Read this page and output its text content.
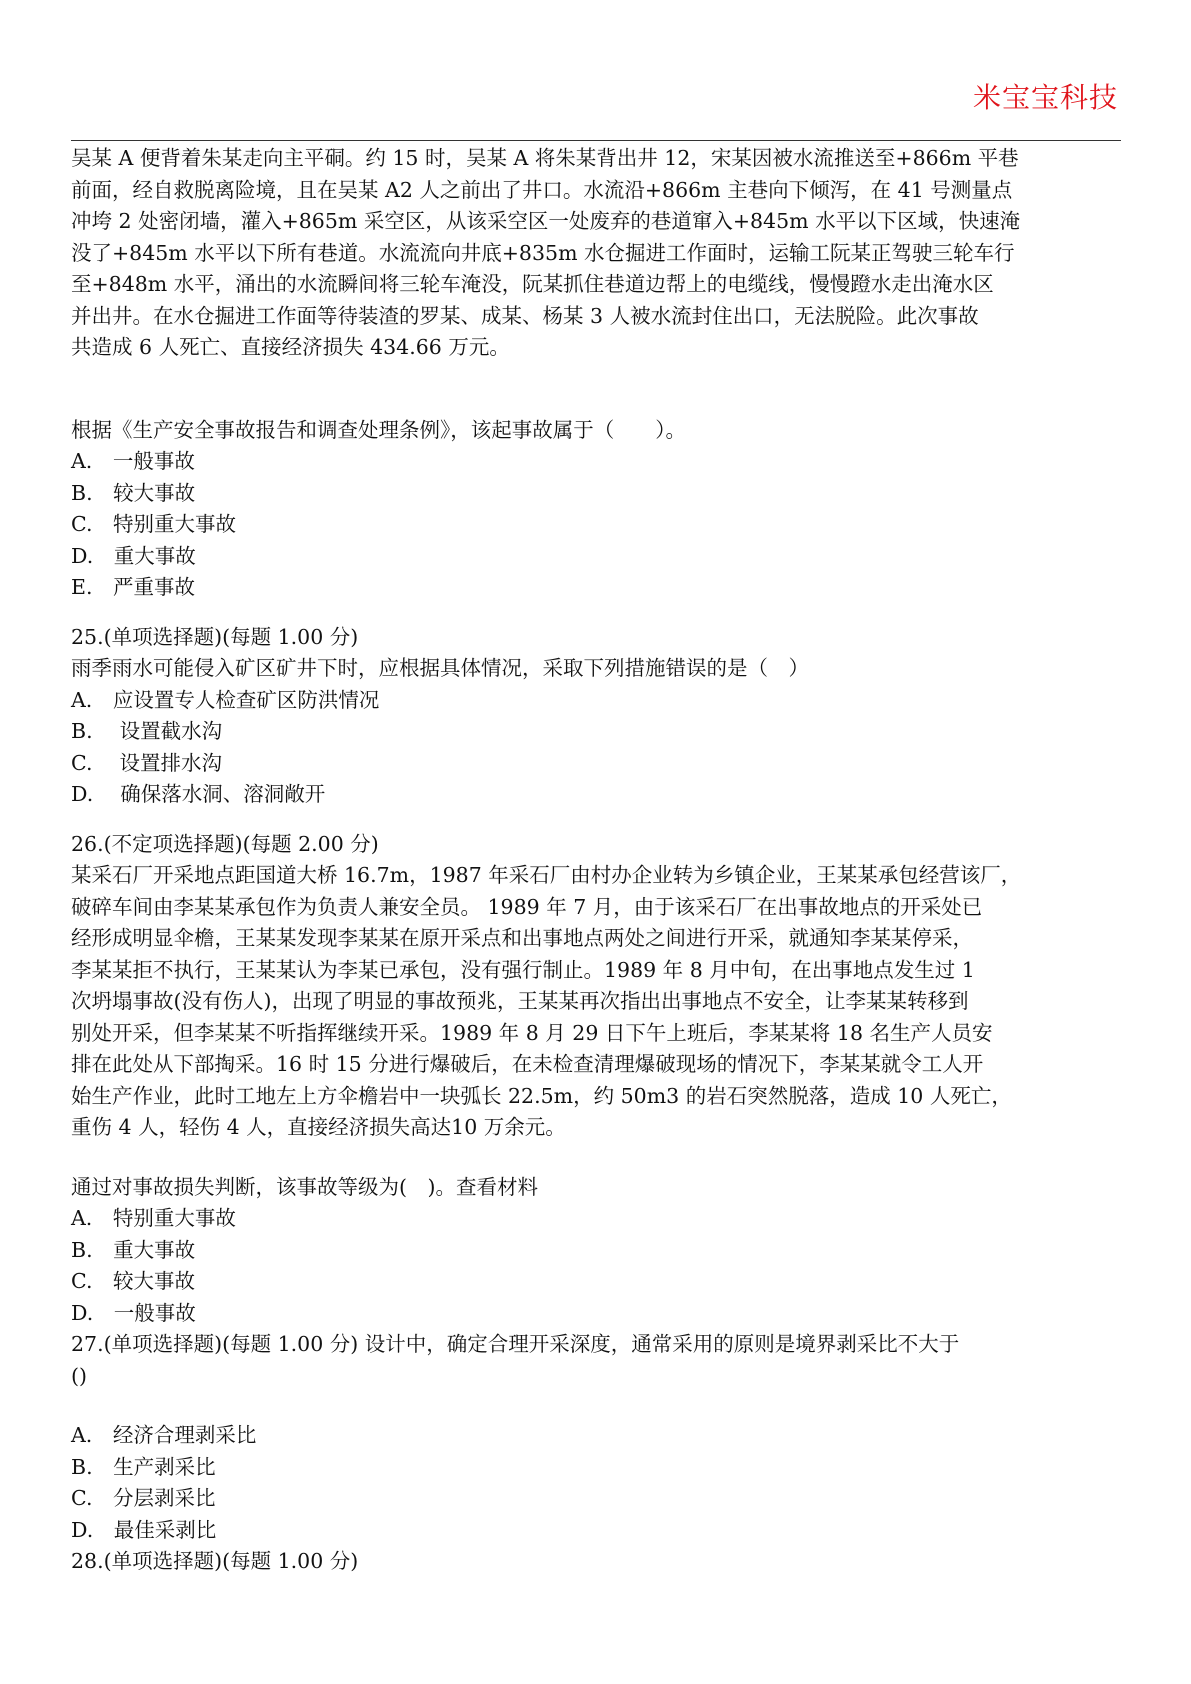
米宝宝科技
吴某 A 便背着朱某走向主平硐。约 15 时，吴某 A 将朱某背出井 12，宋某因被水流推送至+866m 平巷
前面，经自救脱离险境，且在吴某 A2 人之前出了井口。水流沿+866m 主巷向下倾泻，在 41 号测量点
冲垮 2 处密闭墙，灌入+865m 采空区，从该采空区一处废弃的巷道窜入+845m 水平以下区域，快速淹
没了+845m 水平以下所有巷道。水流流向井底+835m 水仓掘进工作面时，运输工阮某正驾驶三轮车行
至+848m 水平，涌出的水流瞬间将三轮车淹没，阮某抓住巷道边帮上的电缆线，慢慢蹬水走出淹水区
并出井。在水仓掘进工作面等待装渣的罗某、成某、杨某 3 人被水流封住出口，无法脱险。此次事故
共造成 6 人死亡、直接经济损失 434.66 万元。
根据《生产安全事故报告和调查处理条例》，该起事故属于（　　）。
A.　一般事故
B.　较大事故
C.　特别重大事故
D.　重大事故
E.　严重事故
25.(单项选择题)(每题 1.00 分)
雨季雨水可能侵入矿区矿井下时，应根据具体情况，采取下列措施错误的是（　）
A.　应设置专人检查矿区防洪情况
B.　 设置截水沟
C.　 设置排水沟
D.　 确保落水洞、溶洞敞开
26.(不定项选择题)(每题 2.00 分)
某采石厂开采地点距国道大桥 16.7m，1987 年采石厂由村办企业转为乡镇企业，王某某承包经营该厂，
破碎车间由李某某承包作为负责人兼安全员。 1989 年 7 月，由于该采石厂在出事故地点的开采处已
经形成明显伞檐，王某某发现李某某在原开采点和出事地点两处之间进行开采，就通知李某某停采，
李某某拒不执行，王某某认为李某已承包，没有强行制止。1989 年 8 月中旬，在出事地点发生过 1
次坍塌事故(没有伤人)，出现了明显的事故预兆，王某某再次指出出事地点不安全，让李某某转移到
别处开采，但李某某不听指挥继续开采。1989 年 8 月 29 日下午上班后，李某某将 18 名生产人员安
排在此处从下部掏采。16 时 15 分进行爆破后，在未检查清理爆破现场的情况下，李某某就令工人开
始生产作业，此时工地左上方伞檐岩中一块弧长 22.5m，约 50m3 的岩石突然脱落，造成 10 人死亡，
重伤 4 人，轻伤 4 人，直接经济损失高达10 万余元。
通过对事故损失判断，该事故等级为(　)。查看材料
A.　特别重大事故
B.　重大事故
C.　较大事故
D.　一般事故
27.(单项选择题)(每题 1.00 分) 设计中，确定合理开采深度，通常采用的原则是境界剥采比不大于
()
A.　经济合理剥采比
B.　生产剥采比
C.　分层剥采比
D.　最佳采剥比
28.(单项选择题)(每题 1.00 分)
